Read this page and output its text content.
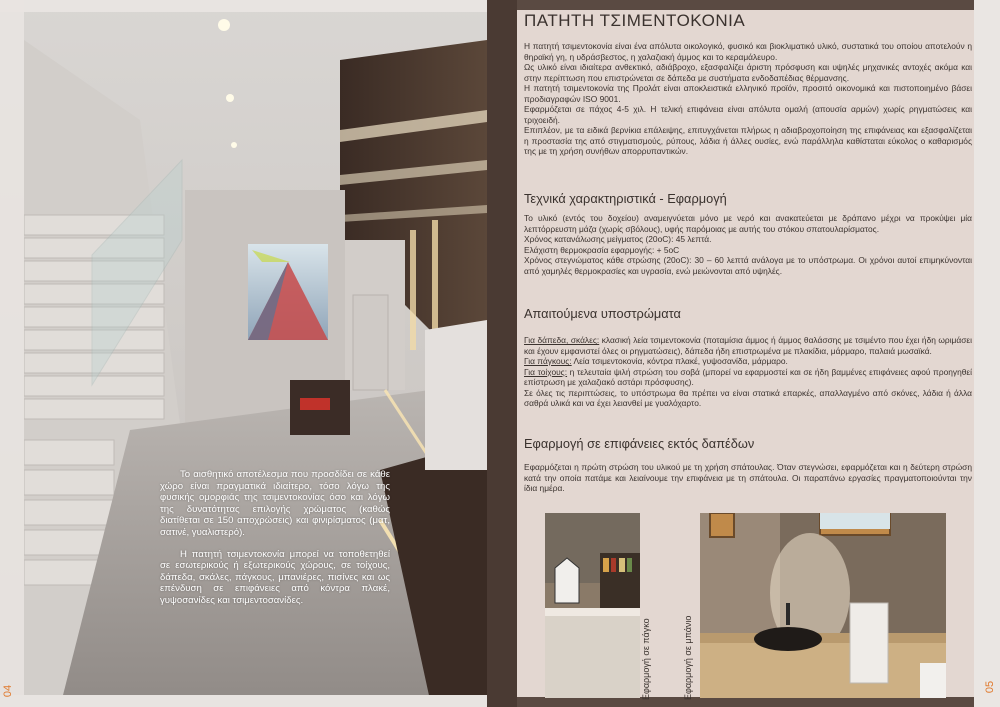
Το αισθητικό αποτέλεσμα που προσδίδει σε κάθε χώρο είναι πραγματικά ιδιαίτερο, τόσο λόγω της φυσικής ομορφιάς της τσιμεντοκονίας όσο και λόγω της δυνατότητας επιλογής χρώματος (καθώς διατίθεται σε 150 αποχρώσεις) και φινιρίσματος (ματ, σατινέ, γυαλιστερό).

Η πατητή τσιμεντοκονία μπορεί να τοποθετηθεί σε εσωτερικούς ή εξωτερικούς χώρους, σε τοίχους, δάπεδα, σκάλες, πάγκους, μπανιέρες, πισίνες και ως επένδυση σε επιφάνειες από κόντρα πλακέ, γυψοσανίδες και τσιμεντοσανίδες.

04
ΠΑΤΗΤΗ ΤΣΙΜΕΝΤΟΚΟΝΙΑ

Η πατητή τσιμεντοκονία είναι ένα απόλυτα οικολογικό, φυσικό και βιοκλιματικό υλικό, συστατικά του οποίου αποτελούν η θηραϊκή γη, η υδράσβεστος, η χαλαζιακή άμμος και το κεραμάλευρο.

Ως υλικό είναι ιδιαίτερα ανθεκτικό, αδιάβροχο, εξασφαλίζει άριστη πρόσφυση και υψηλές μηχανικές αντοχές ακόμα και στην περίπτωση που επιστρώνεται σε δάπεδα με συστήματα ενδοδαπέδιας θέρμανσης.

Η πατητή τσιμεντοκονία της Προλάτ είναι αποκλειστικά ελληνικό προϊόν, προσιτό οικονομικά και πιστοποιημένο βάσει προδιαγραφών ISO 9001.

Εφαρμόζεται σε πάχος 4-5 χιλ. Η τελική επιφάνεια είναι απόλυτα ομαλή (απουσία αρμών) χωρίς ρηγματώσεις και τριχοειδή.

Επιπλέον, με τα ειδικά βερνίκια επάλειψης, επιτυγχάνεται πλήρως η αδιαβροχοποίηση της επιφάνειας και εξασφαλίζεται η προστασία της από στιγματισμούς, ρύπους, λάδια ή άλλες ουσίες, ενώ παράλληλα καθίσταται εύκολος ο καθαρισμός της με τη χρήση συνήθων απορρυπαντικών.

Τεχνικά χαρακτηριστικά - Εφαρμογή

Το υλικό (εντός του δοχείου) αναμειγνύεται μόνο με νερό και ανακατεύεται με δράπανο μέχρι να προκύψει μία λεπτόρρευστη μάζα (χωρίς σβόλους), υφής παρόμοιας με αυτής του στόκου σπατουλαρίσματος.

Χρόνος κατανάλωσης μείγματος (20oC): 45 λεπτά.

Ελάχιστη θερμοκρασία εφαρμογής: + 5oC

Χρόνος στεγνώματος κάθε στρώσης (20oC): 30 – 60 λεπτά ανάλογα με το υπόστρωμα. Οι χρόνοι αυτοί επιμηκύνονται από χαμηλές θερμοκρασίες και υγρασία, ενώ μειώνονται από υψηλές.

Απαιτούμενα υποστρώματα

Για δάπεδα, σκάλες: κλασική λεία τσιμεντοκονία (ποταμίσια άμμος ή άμμος θαλάσσης με τσιμέντο που έχει ήδη ωριμάσει και έχουν εμφανιστεί όλες οι ρηγματώσεις), δάπεδα ήδη επιστρωμένα με πλακίδια, μάρμαρο, παλαιά μωσαϊκά.

Για πάγκους: Λεία τσιμεντοκονία, κόντρα πλακέ, γυψοσανίδα, μάρμαρο.

Για τοίχους: η τελευταία ψιλή στρώση του σοβά (μπορεί να εφαρμοστεί και σε ήδη βαμμένες επιφάνειες αφού προηγηθεί επίστρωση με χαλαζιακό αστάρι πρόσφυσης).

Σε όλες τις περιπτώσεις, το υπόστρωμα θα πρέπει να είναι στατικά επαρκές, απαλλαγμένο από σκόνες, λάδια ή άλλα σαθρά υλικά και να έχει λειανθεί με γυαλόχαρτο.

Εφαρμογή σε επιφάνειες εκτός δαπέδων

Εφαρμόζεται η πρώτη στρώση του υλικού με τη χρήση σπάτουλας. Όταν στεγνώσει, εφαρμόζεται και η δεύτερη στρώση κατά την οποία πατάμε και λειαίνουμε την επιφάνεια με τη σπάτουλα. Οι παραπάνω εργασίες πραγματοποιούνται την ίδια ημέρα.

Εφαρμογή σε πάγκο	Εφαρμογή σε μπάνιο	05
